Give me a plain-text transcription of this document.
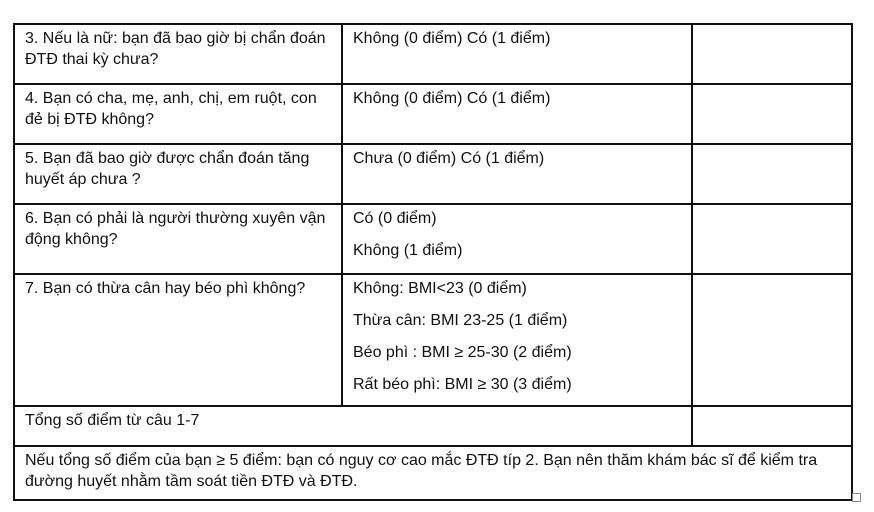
3. Nếu là nữ: bạn đã bao giờ bị chẩn đoán ĐTĐ thai kỳ chưa?	Không (0 điểm) Có (1 điểm)	

4. Bạn có cha, mẹ, anh, chị, em ruột, con đẻ bị ĐTĐ không?	Không (0 điểm) Có (1 điểm)	

5. Bạn đã bao giờ được chẩn đoán tăng huyết áp chưa ?	Chưa (0 điểm) Có (1 điểm)	

6. Bạn có phải là người thường xuyên vận động không?	Có (0 điểm)
Không (1 điểm)	

7. Bạn có thừa cân hay béo phì không?	Không: BMI<23 (0 điểm)
Thừa cân: BMI 23-25 (1 điểm)
Béo phì : BMI ≥ 25-30 (2 điểm)
Rất béo phì: BMI ≥ 30 (3 điểm)	

Tổng số điểm từ câu 1-7		
Nếu tổng số điểm của bạn ≥ 5 điểm: bạn có nguy cơ cao mắc ĐTĐ típ 2. Bạn nên thăm khám bác sĩ để kiểm tra đường huyết nhằm tầm soát tiền ĐTĐ và ĐTĐ.		
